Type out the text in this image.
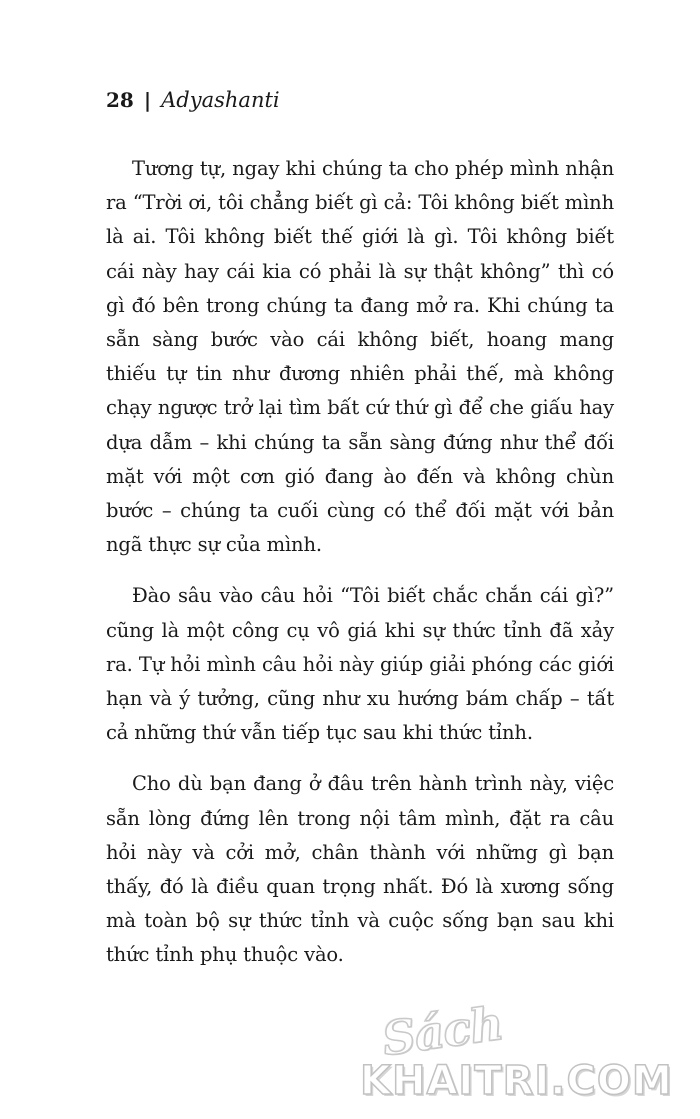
28 | Adyashanti

Tương tự, ngay khi chúng ta cho phép mình nhận ra “Trời ơi, tôi chẳng biết gì cả: Tôi không biết mình là ai. Tôi không biết thế giới là gì. Tôi không biết cái này hay cái kia có phải là sự thật không” thì có gì đó bên trong chúng ta đang mở ra. Khi chúng ta sẵn sàng bước vào cái không biết, hoang mang thiếu tự tin như đương nhiên phải thế, mà không chạy ngược trở lại tìm bất cứ thứ gì để che giấu hay dựa dẫm – khi chúng ta sẵn sàng đứng như thể đối mặt với một cơn gió đang ào đến và không chùn bước – chúng ta cuối cùng có thể đối mặt với bản ngã thực sự của mình.

Đào sâu vào câu hỏi “Tôi biết chắc chắn cái gì?” cũng là một công cụ vô giá khi sự thức tỉnh đã xảy ra. Tự hỏi mình câu hỏi này giúp giải phóng các giới hạn và ý tưởng, cũng như xu hướng bám chấp – tất cả những thứ vẫn tiếp tục sau khi thức tỉnh.

Cho dù bạn đang ở đâu trên hành trình này, việc sẵn lòng đứng lên trong nội tâm mình, đặt ra câu hỏi này và cởi mở, chân thành với những gì bạn thấy, đó là điều quan trọng nhất. Đó là xương sống mà toàn bộ sự thức tỉnh và cuộc sống bạn sau khi thức tỉnh phụ thuộc vào.

Sách
KHAITRI.COM
